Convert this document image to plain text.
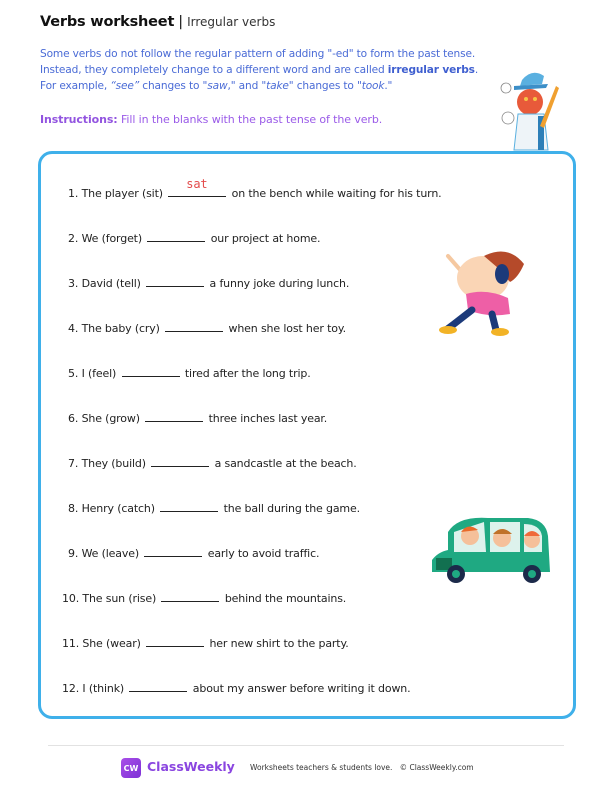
Verbs worksheet | Irregular verbs
Some verbs do not follow the regular pattern of adding "-ed" to form the past tense.
Instead, they completely change to a different word and are called irregular verbs.
For example, “see” changes to "saw," and "take" changes to "took."
Instructions: Fill in the blanks with the past tense of the verb.
1. The player (sit)
sat
on the bench while waiting for his turn.
2. We (forget)	our project at home.
3. David (tell)	a funny joke during lunch.
4. The baby (cry)	when she lost her toy.
5. I (feel)	tired after the long trip.
6. She (grow)	three inches last year.
7. They (build)	a sandcastle at the beach.
8. Henry (catch)	the ball during the game.
9. We (leave)	early to avoid traffic.
10. The sun (rise)	behind the mountains.
11. She (wear)	her new shirt to the party.
12. I (think)	about my answer before writing it down.
CW ClassWeekly Worksheets teachers & students love. © ClassWeekly.com
